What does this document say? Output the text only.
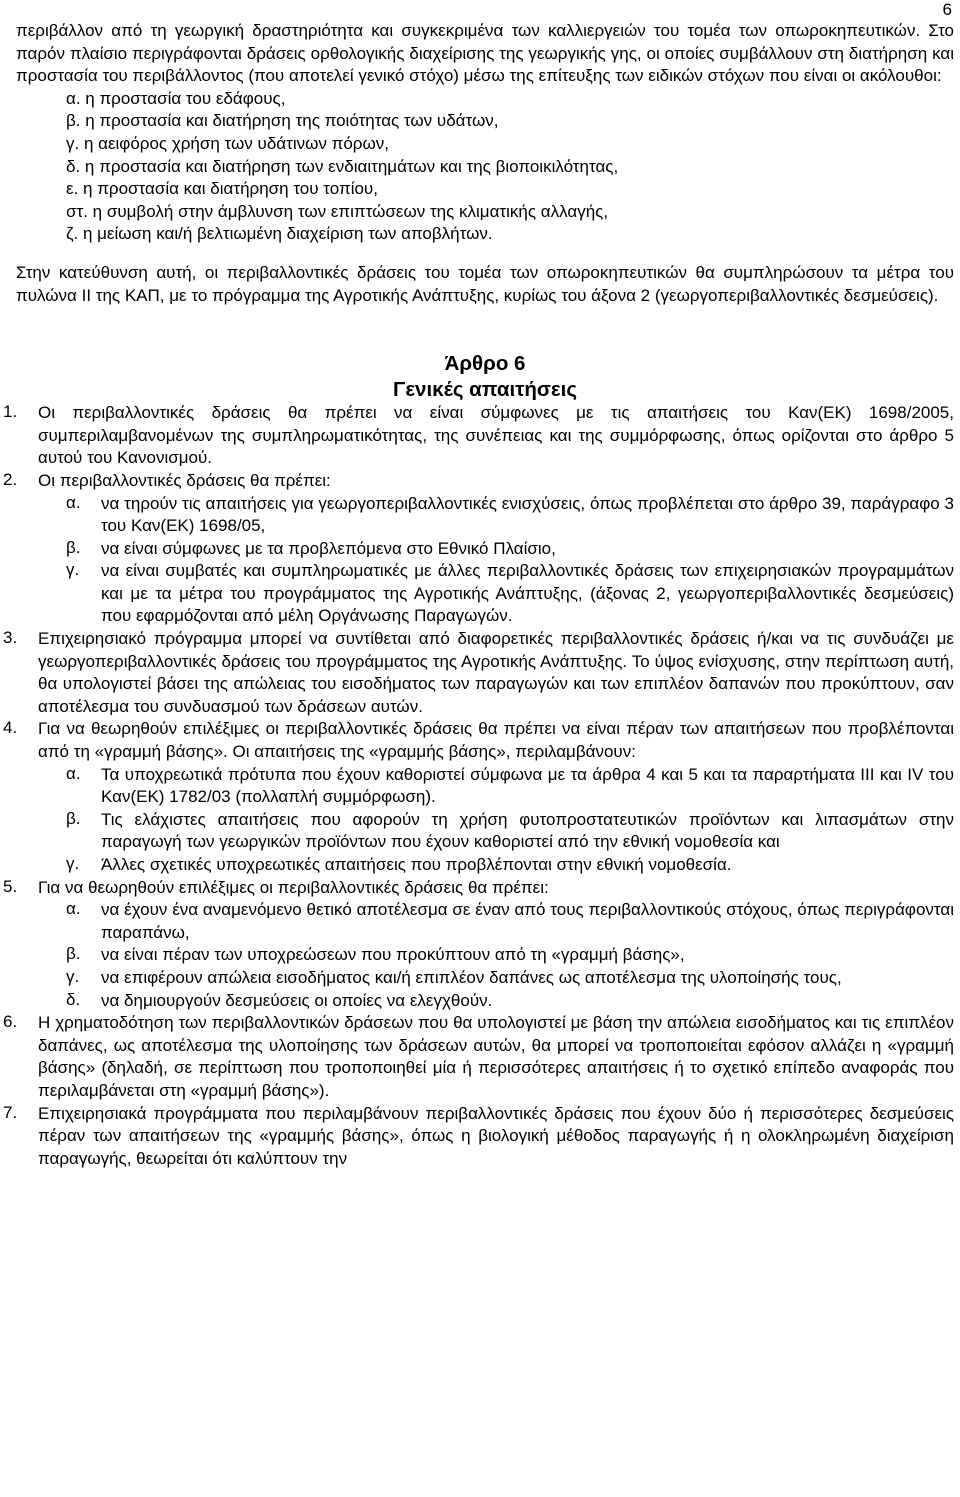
6

περιβάλλον από τη γεωργική δραστηριότητα και συγκεκριμένα των καλλιεργειών του τομέα των οπωροκηπευτικών. Στο παρόν πλαίσιο περιγράφονται δράσεις ορθολογικής διαχείρισης της γεωργικής γης, οι οποίες συμβάλλουν στη διατήρηση και προστασία του περιβάλλοντος (που αποτελεί γενικό στόχο) μέσω της επίτευξης των ειδικών στόχων που είναι οι ακόλουθοι:

α. η προστασία του εδάφους,
β. η προστασία και διατήρηση της ποιότητας των υδάτων,
γ. η αειφόρος χρήση των υδάτινων πόρων,
δ. η προστασία και διατήρηση των ενδιαιτημάτων και της βιοποικιλότητας,
ε. η προστασία και διατήρηση του τοπίου,
στ. η συμβολή στην άμβλυνση των επιπτώσεων της κλιματικής αλλαγής,
ζ. η μείωση και/ή βελτιωμένη διαχείριση των αποβλήτων.

Στην κατεύθυνση αυτή, οι περιβαλλοντικές δράσεις του τομέα των οπωροκηπευτικών θα συμπληρώσουν τα μέτρα του πυλώνα ΙΙ της ΚΑΠ, με το πρόγραμμα της Αγροτικής Ανάπτυξης, κυρίως του άξονα 2 (γεωργοπεριβαλλοντικές δεσμεύσεις).

Άρθρο 6
Γενικές απαιτήσεις
1. Οι περιβαλλοντικές δράσεις θα πρέπει να είναι σύμφωνες με τις απαιτήσεις του Καν(ΕΚ) 1698/2005, συμπεριλαμβανομένων της συμπληρωματικότητας, της συνέπειας και της συμμόρφωσης, όπως ορίζονται στο άρθρο 5 αυτού του Κανονισμού.

2. Οι περιβαλλοντικές δράσεις θα πρέπει:

α. να τηρούν τις απαιτήσεις για γεωργοπεριβαλλοντικές ενισχύσεις, όπως προβλέπεται στο άρθρο 39, παράγραφο 3 του Καν(ΕΚ) 1698/05,

β. να είναι σύμφωνες με τα προβλεπόμενα στο Εθνικό Πλαίσιο,

γ. να είναι συμβατές και συμπληρωματικές με άλλες περιβαλλοντικές δράσεις των επιχειρησιακών προγραμμάτων και με τα μέτρα του προγράμματος της Αγροτικής Ανάπτυξης, (άξονας 2, γεωργοπεριβαλλοντικές δεσμεύσεις) που εφαρμόζονται από μέλη Οργάνωσης Παραγωγών.

3. Επιχειρησιακό πρόγραμμα μπορεί να συντίθεται από διαφορετικές περιβαλλοντικές δράσεις ή/και να τις συνδυάζει με γεωργοπεριβαλλοντικές δράσεις του προγράμματος της Αγροτικής Ανάπτυξης. Το ύψος ενίσχυσης, στην περίπτωση αυτή, θα υπολογιστεί βάσει της απώλειας του εισοδήματος των παραγωγών και των επιπλέον δαπανών που προκύπτουν, σαν αποτέλεσμα του συνδυασμού των δράσεων αυτών.

4. Για να θεωρηθούν επιλέξιμες οι περιβαλλοντικές δράσεις θα πρέπει να είναι πέραν των απαιτήσεων που προβλέπονται από τη «γραμμή βάσης». Οι απαιτήσεις της «γραμμής βάσης», περιλαμβάνουν:

α. Τα υποχρεωτικά πρότυπα που έχουν καθοριστεί σύμφωνα με τα άρθρα 4 και 5 και τα παραρτήματα ΙΙΙ και ΙV του Καν(ΕΚ) 1782/03 (πολλαπλή συμμόρφωση).

β. Τις ελάχιστες απαιτήσεις που αφορούν τη χρήση φυτοπροστατευτικών προϊόντων και λιπασμάτων στην παραγωγή των γεωργικών προϊόντων που έχουν καθοριστεί από την εθνική νομοθεσία και

γ. Άλλες σχετικές υποχρεωτικές απαιτήσεις που προβλέπονται στην εθνική νομοθεσία.

5. Για να θεωρηθούν επιλέξιμες οι περιβαλλοντικές δράσεις θα πρέπει:

α. να έχουν ένα αναμενόμενο θετικό αποτέλεσμα σε έναν από τους περιβαλλοντικούς στόχους, όπως περιγράφονται παραπάνω,

β. να είναι πέραν των υποχρεώσεων που προκύπτουν από τη «γραμμή βάσης»,

γ. να επιφέρουν απώλεια εισοδήματος και/ή επιπλέον δαπάνες ως αποτέλεσμα της υλοποίησής τους,

δ. να δημιουργούν δεσμεύσεις οι οποίες να ελεγχθούν.

6. Η χρηματοδότηση των περιβαλλοντικών δράσεων που θα υπολογιστεί με βάση την απώλεια εισοδήματος και τις επιπλέον δαπάνες, ως αποτέλεσμα της υλοποίησης των δράσεων αυτών, θα μπορεί να τροποποιείται εφόσον αλλάζει η «γραμμή βάσης» (δηλαδή, σε περίπτωση που τροποποιηθεί μία ή περισσότερες απαιτήσεις ή το σχετικό επίπεδο αναφοράς που περιλαμβάνεται στη «γραμμή βάσης»).

7. Επιχειρησιακά προγράμματα που περιλαμβάνουν περιβαλλοντικές δράσεις που έχουν δύο ή περισσότερες δεσμεύσεις πέραν των απαιτήσεων της «γραμμής βάσης», όπως η βιολογική μέθοδος παραγωγής ή η ολοκληρωμένη διαχείριση παραγωγής, θεωρείται ότι καλύπτουν την
